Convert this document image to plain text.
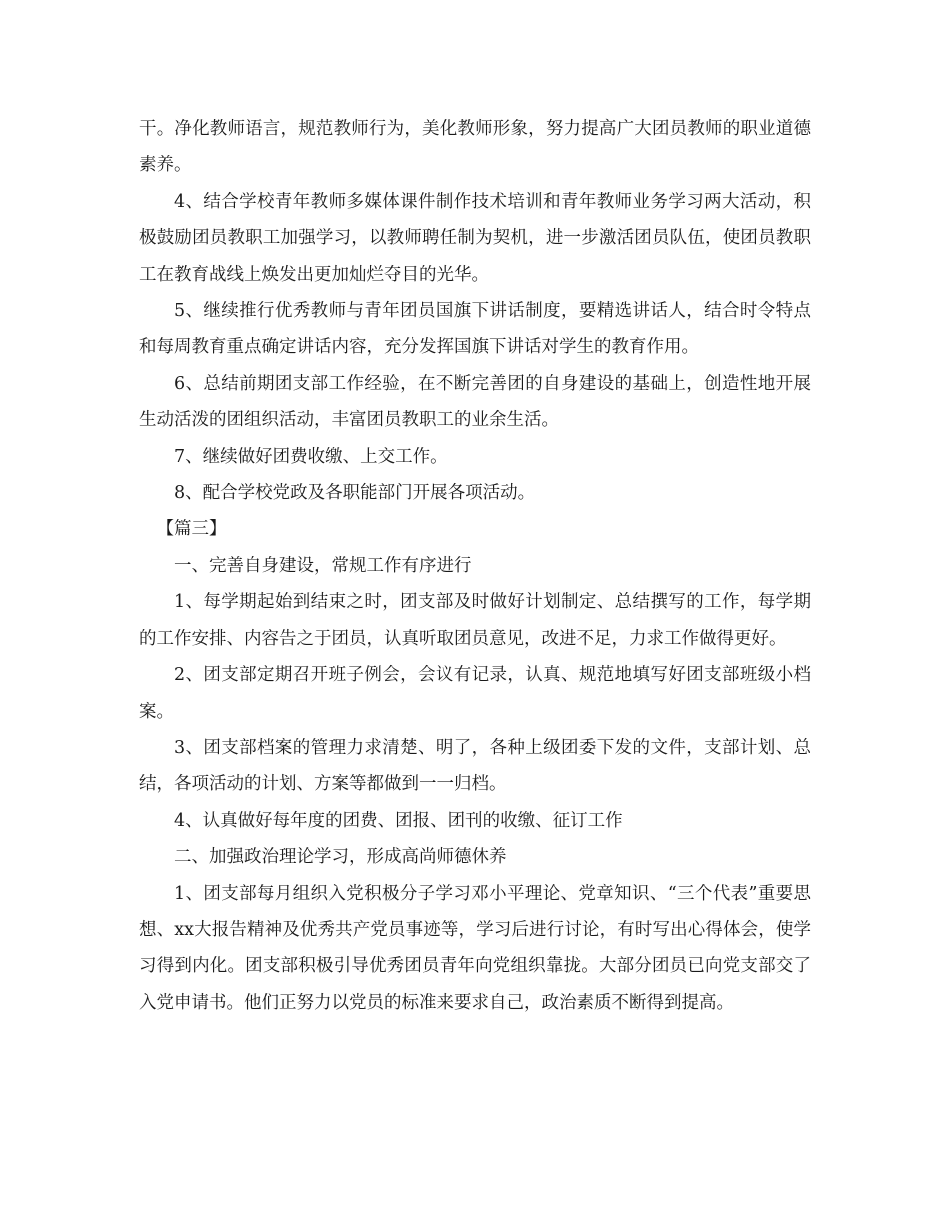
干。净化教师语言，规范教师行为，美化教师形象，努力提高广大团员教师的职业道德素养。

4、结合学校青年教师多媒体课件制作技术培训和青年教师业务学习两大活动，积极鼓励团员教职工加强学习，以教师聘任制为契机，进一步激活团员队伍，使团员教职工在教育战线上焕发出更加灿烂夺目的光华。

5、继续推行优秀教师与青年团员国旗下讲话制度，要精选讲话人，结合时令特点和每周教育重点确定讲话内容，充分发挥国旗下讲话对学生的教育作用。

6、总结前期团支部工作经验，在不断完善团的自身建设的基础上，创造性地开展生动活泼的团组织活动，丰富团员教职工的业余生活。

7、继续做好团费收缴、上交工作。

8、配合学校党政及各职能部门开展各项活动。

【篇三】

一、完善自身建设，常规工作有序进行

1、每学期起始到结束之时，团支部及时做好计划制定、总结撰写的工作，每学期的工作安排、内容告之于团员，认真听取团员意见，改进不足，力求工作做得更好。

2、团支部定期召开班子例会，会议有记录，认真、规范地填写好团支部班级小档案。

3、团支部档案的管理力求清楚、明了，各种上级团委下发的文件，支部计划、总结，各项活动的计划、方案等都做到一一归档。

4、认真做好每年度的团费、团报、团刊的收缴、征订工作

二、加强政治理论学习，形成高尚师德休养

1、团支部每月组织入党积极分子学习邓小平理论、党章知识、“三个代表”重要思想、xx大报告精神及优秀共产党员事迹等，学习后进行讨论，有时写出心得体会，使学习得到内化。团支部积极引导优秀团员青年向党组织靠拢。大部分团员已向党支部交了入党申请书。他们正努力以党员的标准来要求自己，政治素质不断得到提高。
